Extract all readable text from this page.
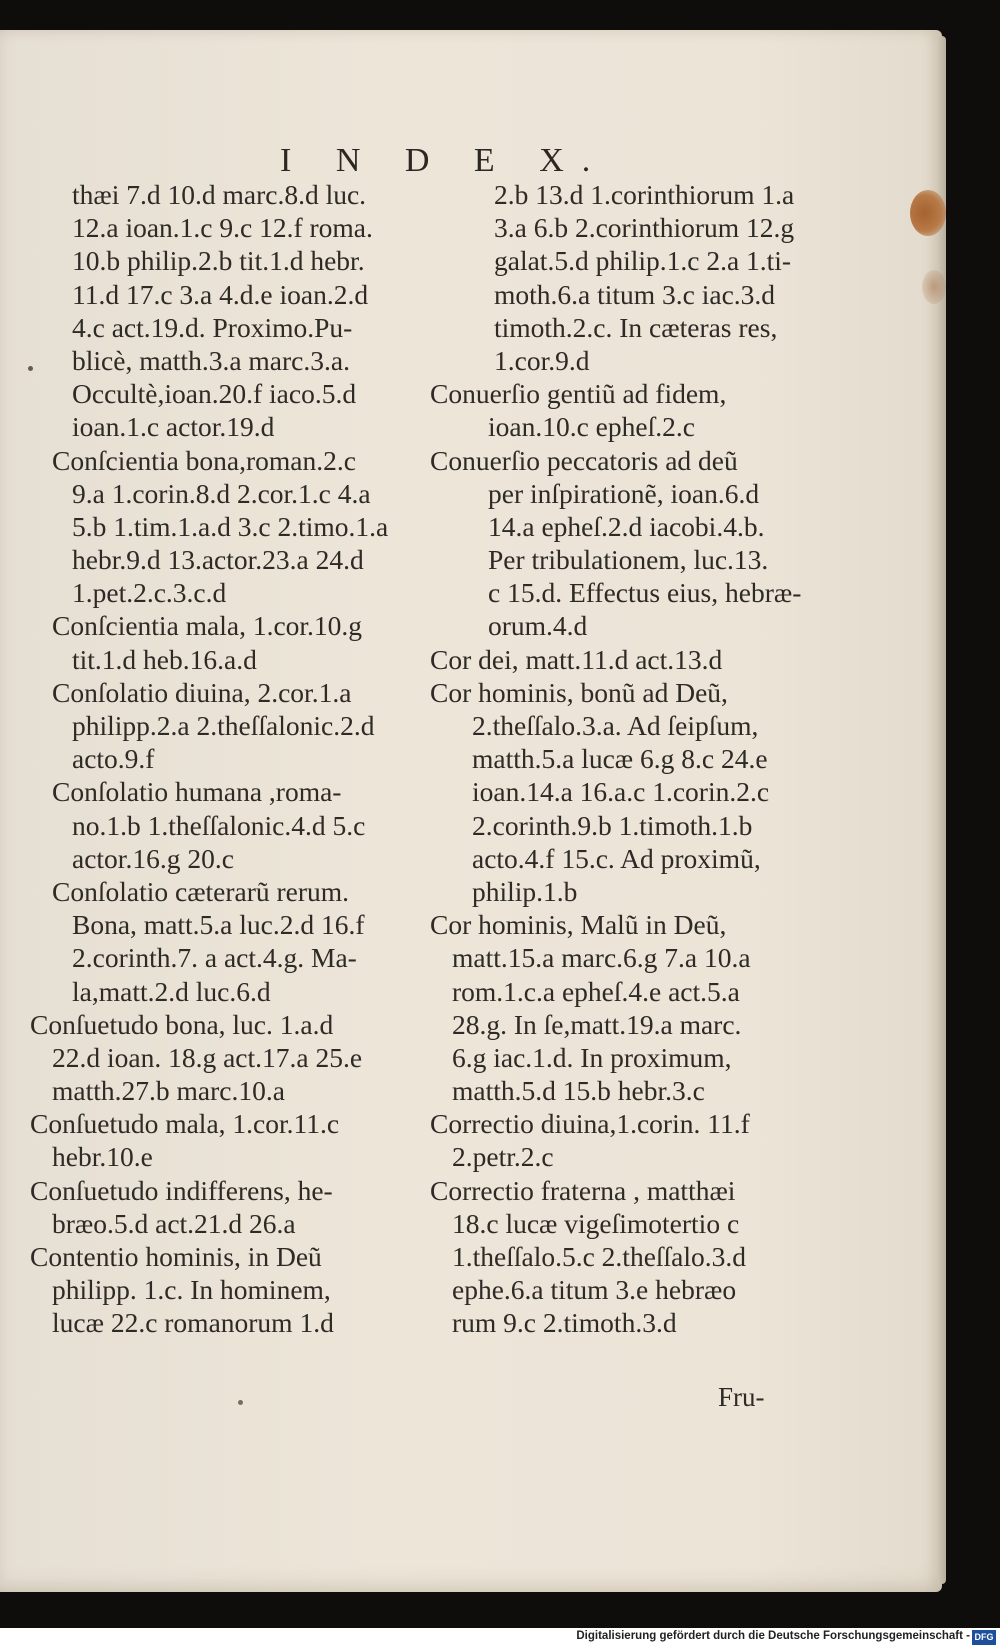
I N D E X.
thæi 7.d 10.d marc.8.d luc.
12.a ioan.1.c 9.c 12.f roma.
10.b philip.2.b tit.1.d hebr.
11.d 17.c 3.a 4.d.e ioan.2.d
4.c act.19.d. Proximo.Pu-
blicè, matth.3.a marc.3.a.
Occultè,ioan.20.f iaco.5.d
ioan.1.c actor.19.d
Conſcientia bona,roman.2.c
9.a 1.corin.8.d 2.cor.1.c 4.a
5.b 1.tim.1.a.d 3.c 2.timo.1.a
hebr.9.d 13.actor.23.a 24.d
1.pet.2.c.3.c.d
Conſcientia mala, 1.cor.10.g
tit.1.d heb.16.a.d
Conſolatio diuina, 2.cor.1.a
philipp.2.a 2.theſſalonic.2.d
acto.9.f
Conſolatio humana ,roma-
no.1.b 1.theſſalonic.4.d 5.c
actor.16.g 20.c
Conſolatio cæterarũ rerum.
Bona, matt.5.a luc.2.d 16.f
2.corinth.7. a act.4.g. Ma-
la,matt.2.d luc.6.d
Conſuetudo bona, luc. 1.a.d
22.d ioan. 18.g act.17.a 25.e
matth.27.b marc.10.a
Conſuetudo mala, 1.cor.11.c
hebr.10.e
Conſuetudo indifferens, he-
bræo.5.d act.21.d 26.a
Contentio hominis, in Deũ
philipp. 1.c. In hominem,
lucæ 22.c romanorum 1.d
2.b 13.d 1.corinthiorum 1.a
3.a 6.b 2.corinthiorum 12.g
galat.5.d philip.1.c 2.a 1.ti-
moth.6.a titum 3.c iac.3.d
timoth.2.c. In cæteras res,
1.cor.9.d
Conuerſio gentiũ ad fidem,
ioan.10.c epheſ.2.c
Conuerſio peccatoris ad deũ
per inſpirationẽ, ioan.6.d
14.a epheſ.2.d iacobi.4.b.
Per tribulationem, luc.13.
c 15.d. Effectus eius, hebræ-
orum.4.d
Cor dei, matt.11.d act.13.d
Cor hominis, bonũ ad Deũ,
2.theſſalo.3.a. Ad ſeipſum,
matth.5.a lucæ 6.g 8.c 24.e
ioan.14.a 16.a.c 1.corin.2.c
2.corinth.9.b 1.timoth.1.b
acto.4.f 15.c. Ad proximũ,
philip.1.b
Cor hominis, Malũ in Deũ,
matt.15.a marc.6.g 7.a 10.a
rom.1.c.a epheſ.4.e act.5.a
28.g. In ſe,matt.19.a marc.
6.g iac.1.d. In proximum,
matth.5.d 15.b hebr.3.c
Correctio diuina,1.corin. 11.f
2.petr.2.c
Correctio fraterna , matthæi
18.c lucæ vigeſimotertio c
1.theſſalo.5.c 2.theſſalo.3.d
ephe.6.a titum 3.e hebræo
rum 9.c 2.timoth.3.d
Fru-
Digitalisierung gefördert durch die Deutsche Forschungsgemeinschaft - DFG
